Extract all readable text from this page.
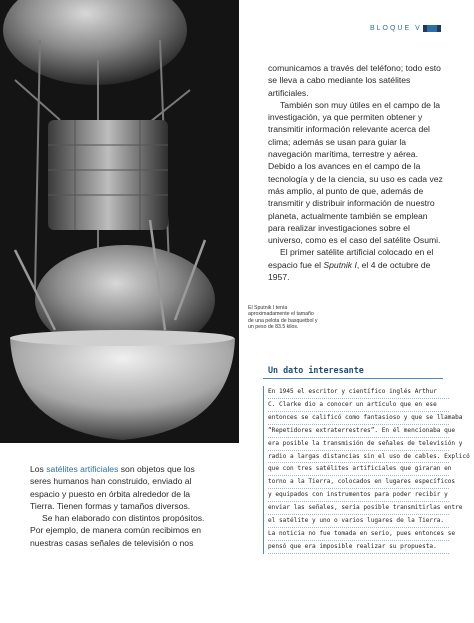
BLOQUE V

comunicamos a través del teléfono; todo esto se lleva a cabo mediante los satélites artificiales.

También son muy útiles en el campo de la investigación, ya que permiten obtener y transmitir información relevante acerca del clima; además se usan para guiar la navegación marítima, terrestre y aérea. Debido a los avances en el campo de la tecnología y de la ciencia, su uso es cada vez más amplio, al punto de que, además de transmitir y distribuir información de nuestro planeta, actualmente también se emplean para realizar investigaciones sobre el universo, como es el caso del satélite Osumi.

El primer satélite artificial colocado en el espacio fue el Sputnik I, el 4 de octubre de 1957.

El Sputnik I tenía aproximadamente el tamaño de una pelota de basquetbol y un peso de 83.5 kilos.
Un dato interesante
En 1945 el escritor y científico inglés Arthur
C. Clarke dio a conocer un artículo que en ese
entonces se calificó como fantasioso y que se llamaba
“Repetidores extraterrestres”. En él mencionaba que
era posible la transmisión de señales de televisión y
radio a largas distancias sin el uso de cables. Explicó
que con tres satélites artificiales que giraran en
torno a la Tierra, colocados en lugares específicos
y equipados con instrumentos para poder recibir y
enviar las señales, sería posible transmitirlas entre
el satélite y uno o varios lugares de la Tierra.
La noticia no fue tomada en serio, pues entonces se
pensó que era imposible realizar su propuesta.

Los satélites artificiales son objetos que los seres humanos han construido, enviado al espacio y puesto en órbita alrededor de la Tierra. Tienen formas y tamaños diversos.

Se han elaborado con distintos propósitos. Por ejemplo, de manera común recibimos en nuestras casas señales de televisión o nos
